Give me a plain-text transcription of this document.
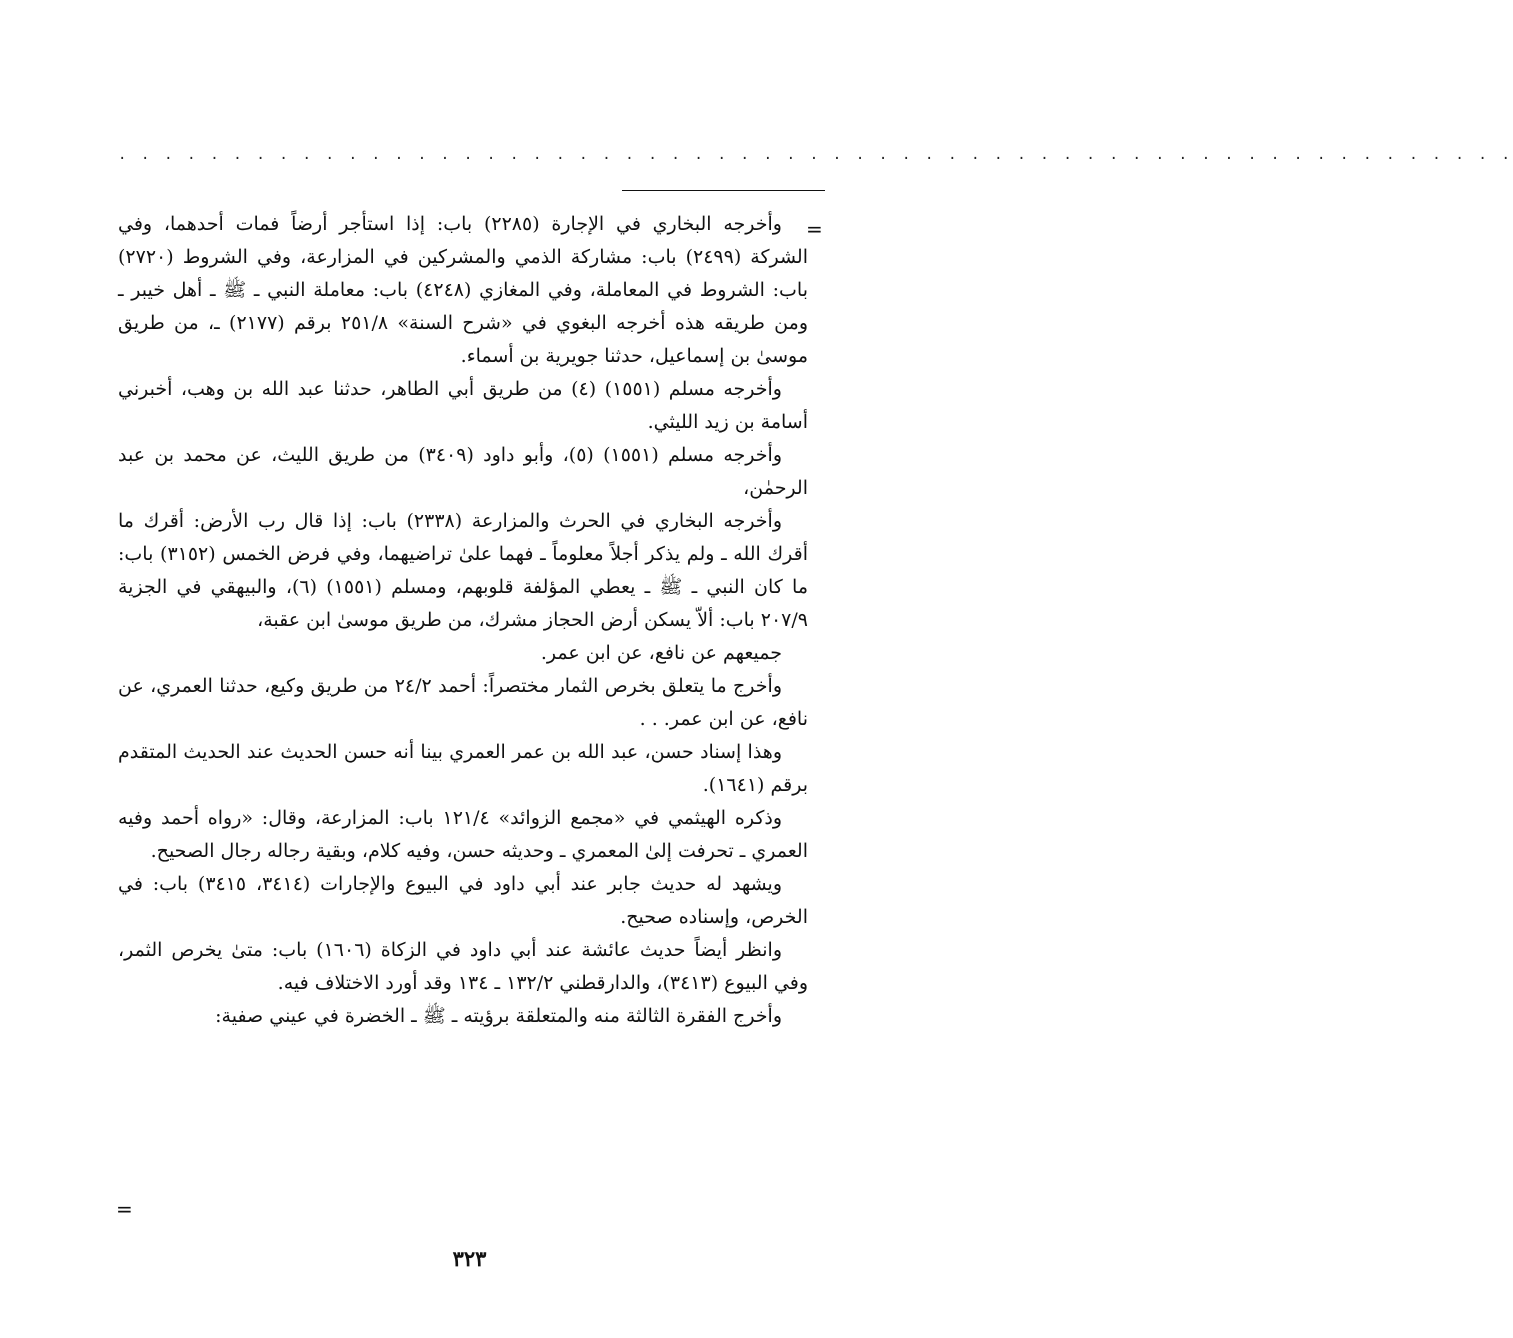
. . . . . . . . . . . . . . . . . . . . . . . . . . . . . . . . . . . . . . . . . . . . . . . . . . . . . . . . . . . . .
=

وأخرجه البخاري في الإجارة (٢٢٨٥) باب: إذا استأجر أرضاً فمات أحدهما، وفي الشركة (٢٤٩٩) باب: مشاركة الذمي والمشركين في المزارعة، وفي الشروط (٢٧٢٠) باب: الشروط في المعاملة، وفي المغازي (٤٢٤٨) باب: معاملة النبي ـ ﷺ ـ أهل خيبر ـ ومن طريقه هذه أخرجه البغوي في «شرح السنة» ٢٥١/٨ برقم (٢١٧٧) ـ، من طريق موسىٰ بن إسماعيل، حدثنا جويرية بن أسماء.

وأخرجه مسلم (١٥٥١) (٤) من طريق أبي الطاهر، حدثنا عبد الله بن وهب، أخبرني أسامة بن زيد الليثي.

وأخرجه مسلم (١٥٥١) (٥)، وأبو داود (٣٤٠٩) من طريق الليث، عن محمد بن عبد الرحمٰن،

وأخرجه البخاري في الحرث والمزارعة (٢٣٣٨) باب: إذا قال رب الأرض: أقرك ما أقرك الله ـ ولم يذكر أجلاً معلوماً ـ فهما علىٰ تراضيهما، وفي فرض الخمس (٣١٥٢) باب: ما كان النبي ـ ﷺ ـ يعطي المؤلفة قلوبهم، ومسلم (١٥٥١) (٦)، والبيهقي في الجزية ٢٠٧/٩ باب: ألاّ يسكن أرض الحجاز مشرك، من طريق موسىٰ ابن عقبة،

جميعهم عن نافع، عن ابن عمر.

وأخرج ما يتعلق بخرص الثمار مختصراً: أحمد ٢٤/٢ من طريق وكيع، حدثنا العمري، عن نافع، عن ابن عمر. . .

وهذا إسناد حسن، عبد الله بن عمر العمري بينا أنه حسن الحديث عند الحديث المتقدم برقم (١٦٤١).

وذكره الهيثمي في «مجمع الزوائد» ١٢١/٤ باب: المزارعة، وقال: «رواه أحمد وفيه العمري ـ تحرفت إلىٰ المعمري ـ وحديثه حسن، وفيه كلام، وبقية رجاله رجال الصحيح.

ويشهد له حديث جابر عند أبي داود في البيوع والإجارات (٣٤١٤، ٣٤١٥) باب: في الخرص، وإسناده صحيح.

وانظر أيضاً حديث عائشة عند أبي داود في الزكاة (١٦٠٦) باب: متىٰ يخرص الثمر، وفي البيوع (٣٤١٣)، والدارقطني ١٣٢/٢ ـ ١٣٤ وقد أورد الاختلاف فيه.

وأخرج الفقرة الثالثة منه والمتعلقة برؤيته ـ ﷺ ـ الخضرة في عيني صفية:

=
٣٢٣
